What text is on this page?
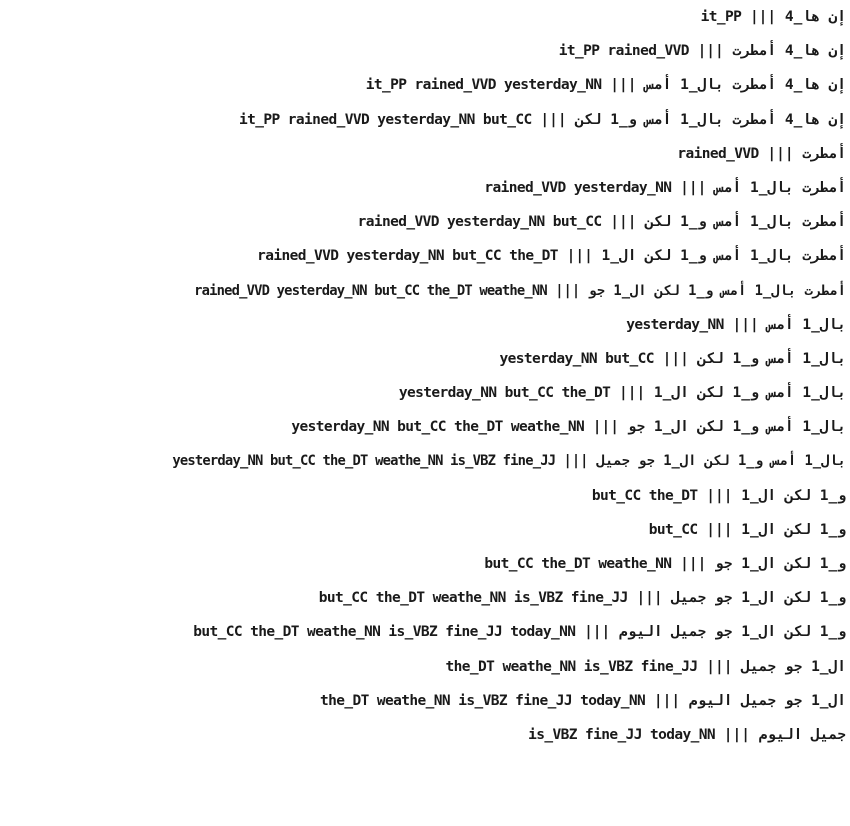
إن ها_4 ||| it_PP
إن ها_4 أمطرت ||| it_PP rained_VVD
إن ها_4 أمطرت بال_1 أمس ||| it_PP rained_VVD yesterday_NN
إن ها_4 أمطرت بال_1 أمس و_1 لكن ||| it_PP rained_VVD yesterday_NN but_CC
أمطرت ||| rained_VVD
أمطرت بال_1 أمس ||| rained_VVD yesterday_NN
أمطرت بال_1 أمس و_1 لكن ||| rained_VVD yesterday_NN but_CC
أمطرت بال_1 أمس و_1 لكن ال_1 ||| rained_VVD yesterday_NN but_CC the_DT
أمطرت بال_1 أمس و_1 لكن ال_1 جو ||| rained_VVD yesterday_NN but_CC the_DT weathe_NN
بال_1 أمس ||| yesterday_NN
بال_1 أمس و_1 لكن ||| yesterday_NN but_CC
بال_1 أمس و_1 لكن ال_1 ||| yesterday_NN but_CC the_DT
بال_1 أمس و_1 لكن ال_1 جو ||| yesterday_NN but_CC the_DT weathe_NN
بال_1 أمس و_1 لكن ال_1 جو جميل ||| yesterday_NN but_CC the_DT weathe_NN is_VBZ fine_JJ
و_1 لكن ال_1 ||| but_CC the_DT
و_1 لكن ال_1 ||| but_CC
و_1 لكن ال_1 جو ||| but_CC the_DT weathe_NN
و_1 لكن ال_1 جو جميل ||| but_CC the_DT weathe_NN is_VBZ fine_JJ
و_1 لكن ال_1 جو جميل اليوم ||| but_CC the_DT weathe_NN is_VBZ fine_JJ today_NN
ال_1 جو جميل ||| the_DT weathe_NN is_VBZ fine_JJ
ال_1 جو جميل اليوم ||| the_DT weathe_NN is_VBZ fine_JJ today_NN
جميل اليوم ||| is_VBZ fine_JJ today_NN
